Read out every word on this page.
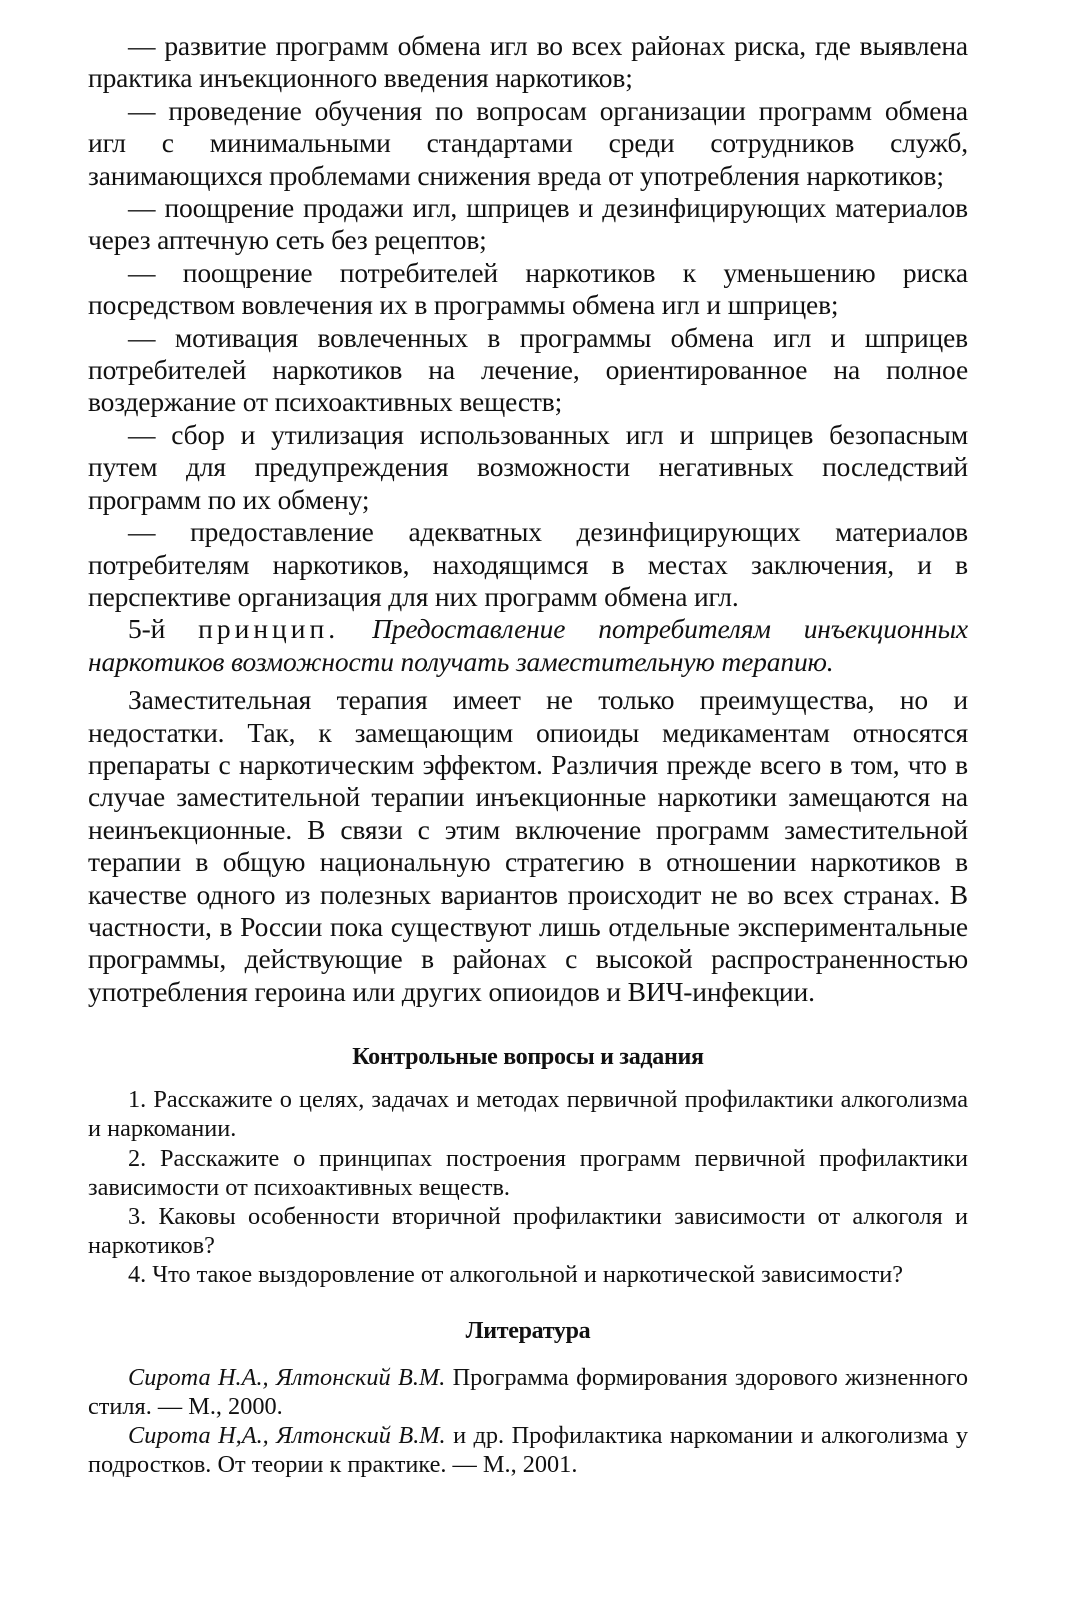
— развитие программ обмена игл во всех районах риска, где выявлена практика инъекционного введения наркотиков;

— проведение обучения по вопросам организации программ обмена игл с минимальными стандартами среди сотрудников служб, занимающихся проблемами снижения вреда от употребления наркотиков;

— поощрение продажи игл, шприцев и дезинфицирующих материалов через аптечную сеть без рецептов;

— поощрение потребителей наркотиков к уменьшению риска посредством вовлечения их в программы обмена игл и шприцев;

— мотивация вовлеченных в программы обмена игл и шприцев потребителей наркотиков на лечение, ориентированное на полное воздержание от психоактивных веществ;

— сбор и утилизация использованных игл и шприцев безопасным путем для предупреждения возможности негативных последствий программ по их обмену;

— предоставление адекватных дезинфицирующих материалов потребителям наркотиков, находящимся в местах заключения, и в перспективе организация для них программ обмена игл.

5-й принцип. Предоставление потребителям инъекционных наркотиков возможности получать заместительную терапию.

Заместительная терапия имеет не только преимущества, но и недостатки. Так, к замещающим опиоиды медикаментам относятся препараты с наркотическим эффектом. Различия прежде всего в том, что в случае заместительной терапии инъекционные наркотики замещаются на неинъекционные. В связи с этим включение программ заместительной терапии в общую национальную стратегию в отношении наркотиков в качестве одного из полезных вариантов происходит не во всех странах. В частности, в России пока существуют лишь отдельные экспериментальные программы, действующие в районах с высокой распространенностью употребления героина или других опиоидов и ВИЧ-инфекции.

Контрольные вопросы и задания

1. Расскажите о целях, задачах и методах первичной профилактики алкоголизма и наркомании.

2. Расскажите о принципах построения программ первичной профилактики зависимости от психоактивных веществ.

3. Каковы особенности вторичной профилактики зависимости от алкоголя и наркотиков?

4. Что такое выздоровление от алкогольной и наркотической зависимости?

Литература

Сирота Н.А., Ялтонский В.М. Программа формирования здорового жизненного стиля. — М., 2000.

Сирота Н,А., Ялтонский В.М. и др. Профилактика наркомании и алкоголизма у подростков. От теории к практике. — М., 2001.
